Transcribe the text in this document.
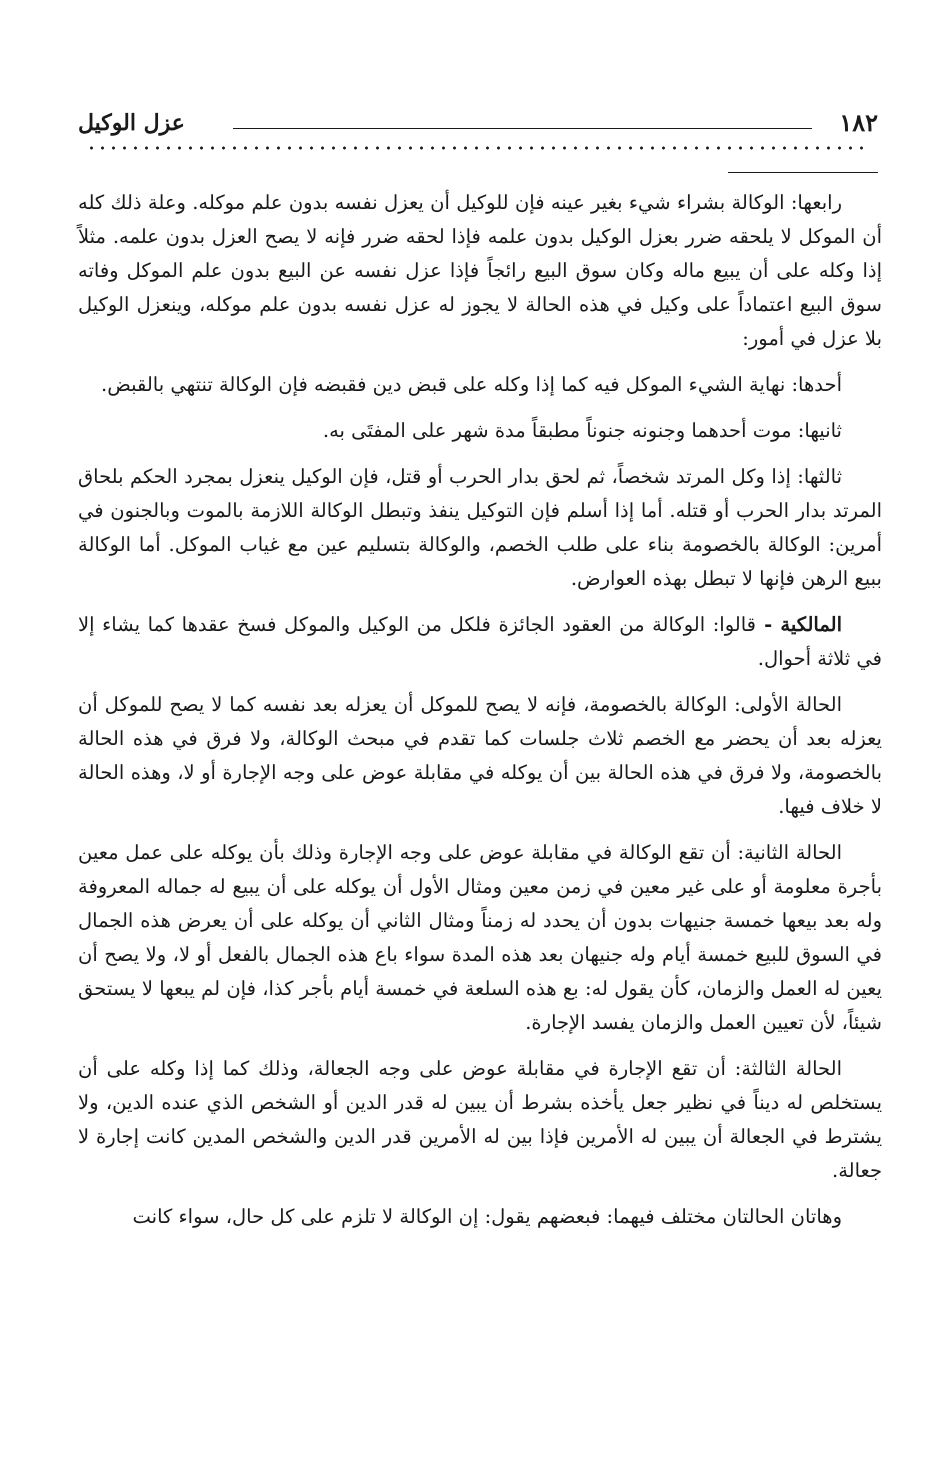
١٨٢
عزل الوكيل

رابعها: الوكالة بشراء شيء بغير عينه فإن للوكيل أن يعزل نفسه بدون علم موكله. وعلة ذلك كله أن الموكل لا يلحقه ضرر بعزل الوكيل بدون علمه فإذا لحقه ضرر فإنه لا يصح العزل بدون علمه. مثلاً إذا وكله على أن يبيع ماله وكان سوق البيع رائجاً فإذا عزل نفسه عن البيع بدون علم الموكل وفاته سوق البيع اعتماداً على وكيل في هذه الحالة لا يجوز له عزل نفسه بدون علم موكله، وينعزل الوكيل بلا عزل في أمور:

أحدها: نهاية الشيء الموكل فيه كما إذا وكله على قبض دين فقبضه فإن الوكالة تنتهي بالقبض.

ثانيها: موت أحدهما وجنونه جنوناً مطبقاً مدة شهر على المفتَى به.

ثالثها: إذا وكل المرتد شخصاً، ثم لحق بدار الحرب أو قتل، فإن الوكيل ينعزل بمجرد الحكم بلحاق المرتد بدار الحرب أو قتله. أما إذا أسلم فإن التوكيل ينفذ وتبطل الوكالة اللازمة بالموت وبالجنون في أمرين: الوكالة بالخصومة بناء على طلب الخصم، والوكالة بتسليم عين مع غياب الموكل. أما الوكالة ببيع الرهن فإنها لا تبطل بهذه العوارض.

المالكية - قالوا: الوكالة من العقود الجائزة فلكل من الوكيل والموكل فسخ عقدها كما يشاء إلا في ثلاثة أحوال.

الحالة الأولى: الوكالة بالخصومة، فإنه لا يصح للموكل أن يعزله بعد نفسه كما لا يصح للموكل أن يعزله بعد أن يحضر مع الخصم ثلاث جلسات كما تقدم في مبحث الوكالة، ولا فرق في هذه الحالة بالخصومة، ولا فرق في هذه الحالة بين أن يوكله في مقابلة عوض على وجه الإجارة أو لا، وهذه الحالة لا خلاف فيها.

الحالة الثانية: أن تقع الوكالة في مقابلة عوض على وجه الإجارة وذلك بأن يوكله على عمل معين بأجرة معلومة أو على غير معين في زمن معين ومثال الأول أن يوكله على أن يبيع له جماله المعروفة وله بعد بيعها خمسة جنيهات بدون أن يحدد له زمناً ومثال الثاني أن يوكله على أن يعرض هذه الجمال في السوق للبيع خمسة أيام وله جنيهان بعد هذه المدة سواء باع هذه الجمال بالفعل أو لا، ولا يصح أن يعين له العمل والزمان، كأن يقول له: بع هذه السلعة في خمسة أيام بأجر كذا، فإن لم يبعها لا يستحق شيئاً، لأن تعيين العمل والزمان يفسد الإجارة.

الحالة الثالثة: أن تقع الإجارة في مقابلة عوض على وجه الجعالة، وذلك كما إذا وكله على أن يستخلص له ديناً في نظير جعل يأخذه بشرط أن يبين له قدر الدين أو الشخص الذي عنده الدين، ولا يشترط في الجعالة أن يبين له الأمرين فإذا بين له الأمرين قدر الدين والشخص المدين كانت إجارة لا جعالة.

وهاتان الحالتان مختلف فيهما: فبعضهم يقول: إن الوكالة لا تلزم على كل حال، سواء كانت
